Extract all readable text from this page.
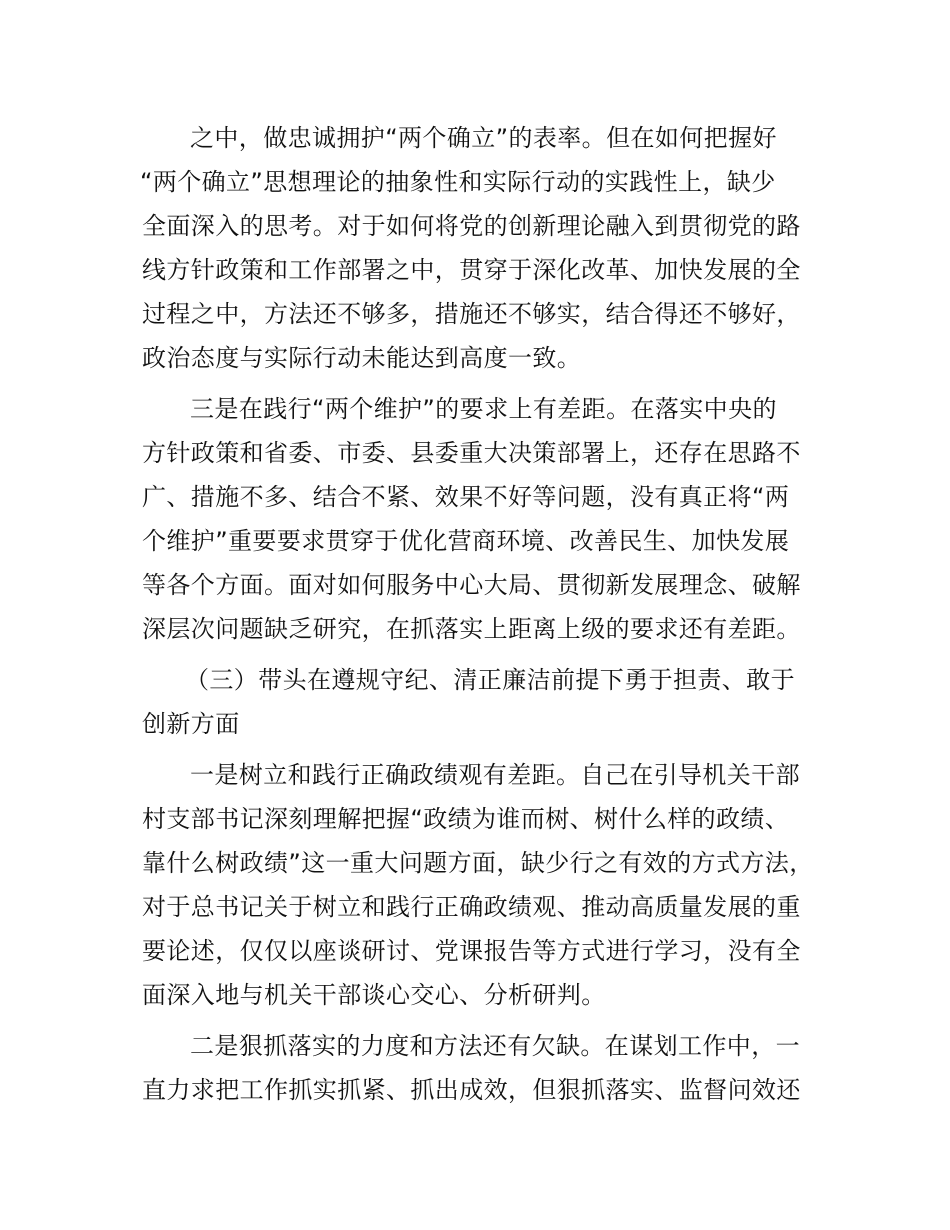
之中，做忠诚拥护“两个确立”的表率。但在如何把握好
“两个确立”思想理论的抽象性和实际行动的实践性上，缺少
全面深入的思考。对于如何将党的创新理论融入到贯彻党的路
线方针政策和工作部署之中，贯穿于深化改革、加快发展的全
过程之中，方法还不够多，措施还不够实，结合得还不够好，
政治态度与实际行动未能达到高度一致。
三是在践行“两个维护”的要求上有差距。在落实中央的
方针政策和省委、市委、县委重大决策部署上，还存在思路不
广、措施不多、结合不紧、效果不好等问题，没有真正将“两
个维护”重要要求贯穿于优化营商环境、改善民生、加快发展
等各个方面。面对如何服务中心大局、贯彻新发展理念、破解
深层次问题缺乏研究，在抓落实上距离上级的要求还有差距。
（三）带头在遵规守纪、清正廉洁前提下勇于担责、敢于
创新方面
一是树立和践行正确政绩观有差距。自己在引导机关干部
村支部书记深刻理解把握“政绩为谁而树、树什么样的政绩、
靠什么树政绩”这一重大问题方面，缺少行之有效的方式方法，
对于总书记关于树立和践行正确政绩观、推动高质量发展的重
要论述，仅仅以座谈研讨、党课报告等方式进行学习，没有全
面深入地与机关干部谈心交心、分析研判。
二是狠抓落实的力度和方法还有欠缺。在谋划工作中，一
直力求把工作抓实抓紧、抓出成效，但狠抓落实、监督问效还
